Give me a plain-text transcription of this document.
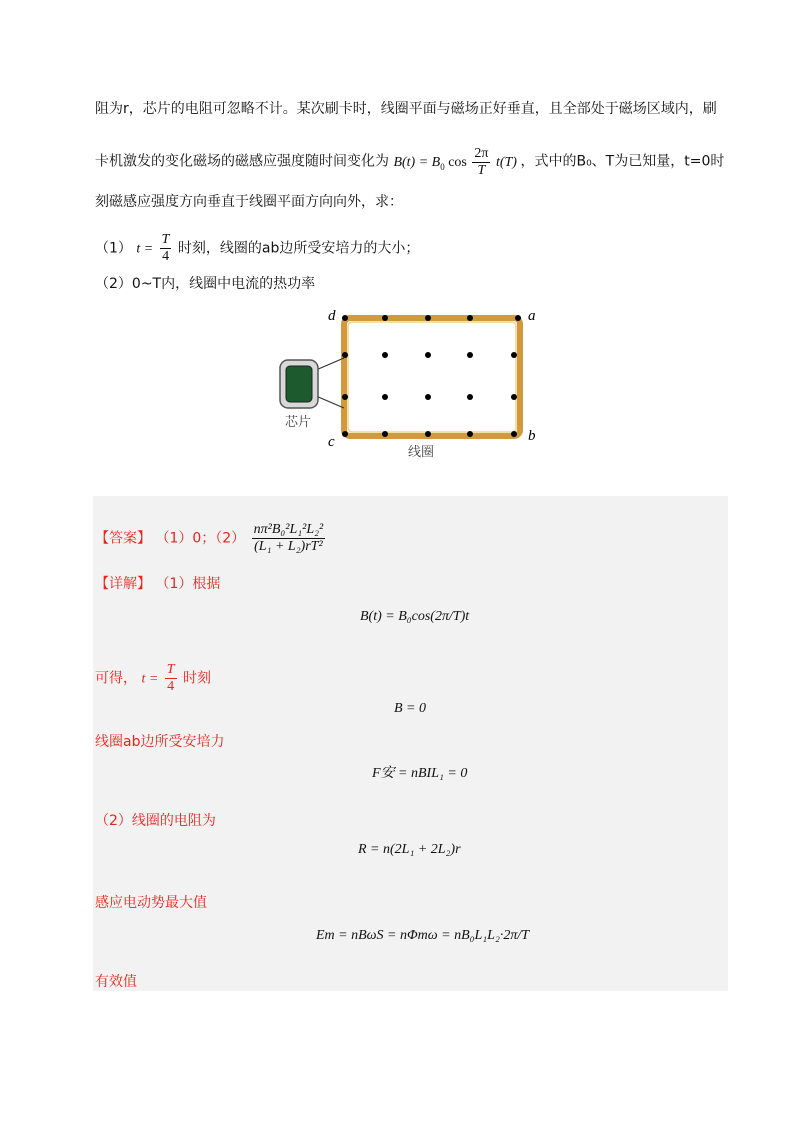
阻为r，芯片的电阻可忽略不计。某次刷卡时，线圈平面与磁场正好垂直，且全部处于磁场区域内，刷
卡机激发的变化磁场的磁感应强度随时间变化为 $B(t) = B_0$ $\cos \frac{2\pi}{T} t(T)$ ，式中的B₀、T为已知量，t=0时
刻磁感应强度方向垂直于线圈平面方向向外，求：
（1） $t = \frac{T}{4}$ 时刻，线圈的ab边所受安培力的大小；
（2）0~T内，线圈中电流的热功率
d	a
c	b
芯片
线圈
【答案】 （1）0；$(2) \frac{\text{nπ²B₀²L₁²L₂²}}{\text{(L₁ + L₂)rT²}}$
【详解】 （1）根据
B(t) = B₀cos(2π/T)t
可得， $t = \frac{T}{4}$ 时刻
B = 0
线圈ab边所受安培力
F安 = nBIL₁ = 0
（2）线圈的电阻为
R = n(2L₁ + 2L₂)r
感应电动势最大值
Em = nBωS = nΦmω = nB₀L₁L₂·2π/T
有效值
